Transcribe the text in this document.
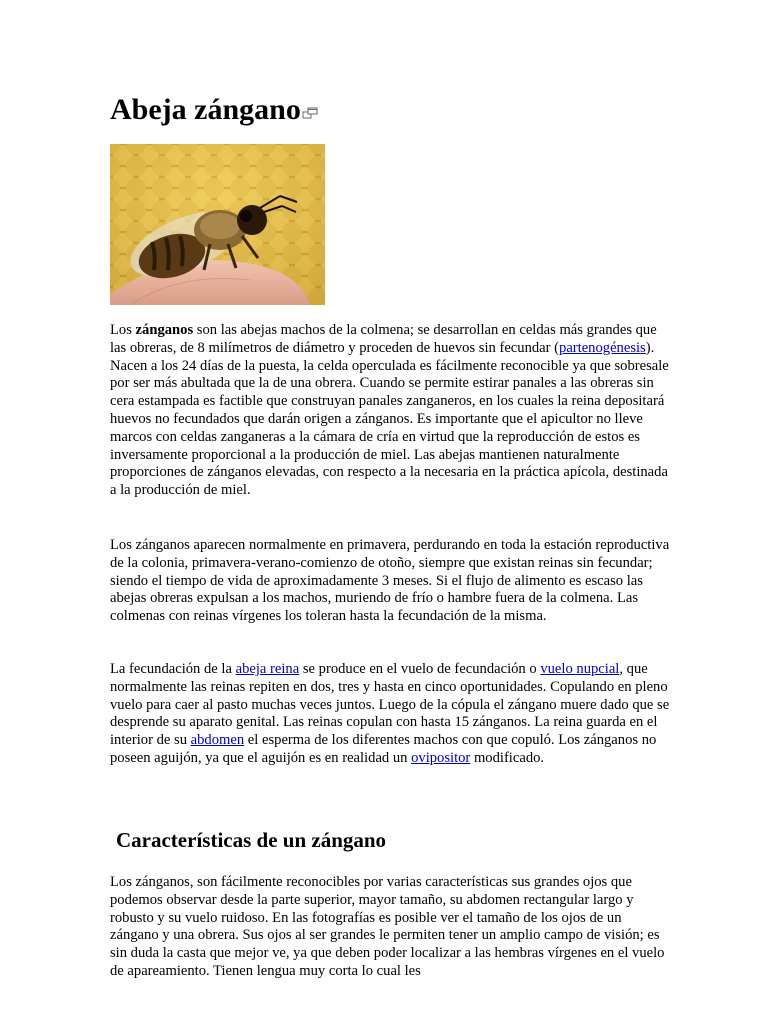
Abeja zángano

Los zánganos son las abejas machos de la colmena; se desarrollan en celdas más grandes que las obreras, de 8 milímetros de diámetro y proceden de huevos sin fecundar (partenogénesis). Nacen a los 24 días de la puesta, la celda operculada es fácilmente reconocible ya que sobresale por ser más abultada que la de una obrera. Cuando se permite estirar panales a las obreras sin cera estampada es factible que construyan panales zanganeros, en los cuales la reina depositará huevos no fecundados que darán origen a zánganos. Es importante que el apicultor no lleve marcos con celdas zanganeras a la cámara de cría en virtud que la reproducción de estos es inversamente proporcional a la producción de miel. Las abejas mantienen naturalmente proporciones de zánganos elevadas, con respecto a la necesaria en la práctica apícola, destinada a la producción de miel.

Los zánganos aparecen normalmente en primavera, perdurando en toda la estación reproductiva de la colonia, primavera-verano-comienzo de otoño, siempre que existan reinas sin fecundar; siendo el tiempo de vida de aproximadamente 3 meses. Si el flujo de alimento es escaso las abejas obreras expulsan a los machos, muriendo de frío o hambre fuera de la colmena. Las colmenas con reinas vírgenes los toleran hasta la fecundación de la misma.

La fecundación de la abeja reina se produce en el vuelo de fecundación o vuelo nupcial, que normalmente las reinas repiten en dos, tres y hasta en cinco oportunidades. Copulando en pleno vuelo para caer al pasto muchas veces juntos. Luego de la cópula el zángano muere dado que se desprende su aparato genital. Las reinas copulan con hasta 15 zánganos. La reina guarda en el interior de su abdomen el esperma de los diferentes machos con que copuló. Los zánganos no poseen aguijón, ya que el aguijón es en realidad un ovipositor modificado.

Características de un zángano

Los zánganos, son fácilmente reconocibles por varias características sus grandes ojos que podemos observar desde la parte superior, mayor tamaño, su abdomen rectangular largo y robusto y su vuelo ruidoso. En las fotografías es posible ver el tamaño de los ojos de un zángano y una obrera. Sus ojos al ser grandes le permiten tener un amplio campo de visión; es sin duda la casta que mejor ve, ya que deben poder localizar a las hembras vírgenes en el vuelo de apareamiento. Tienen lengua muy corta lo cual les
